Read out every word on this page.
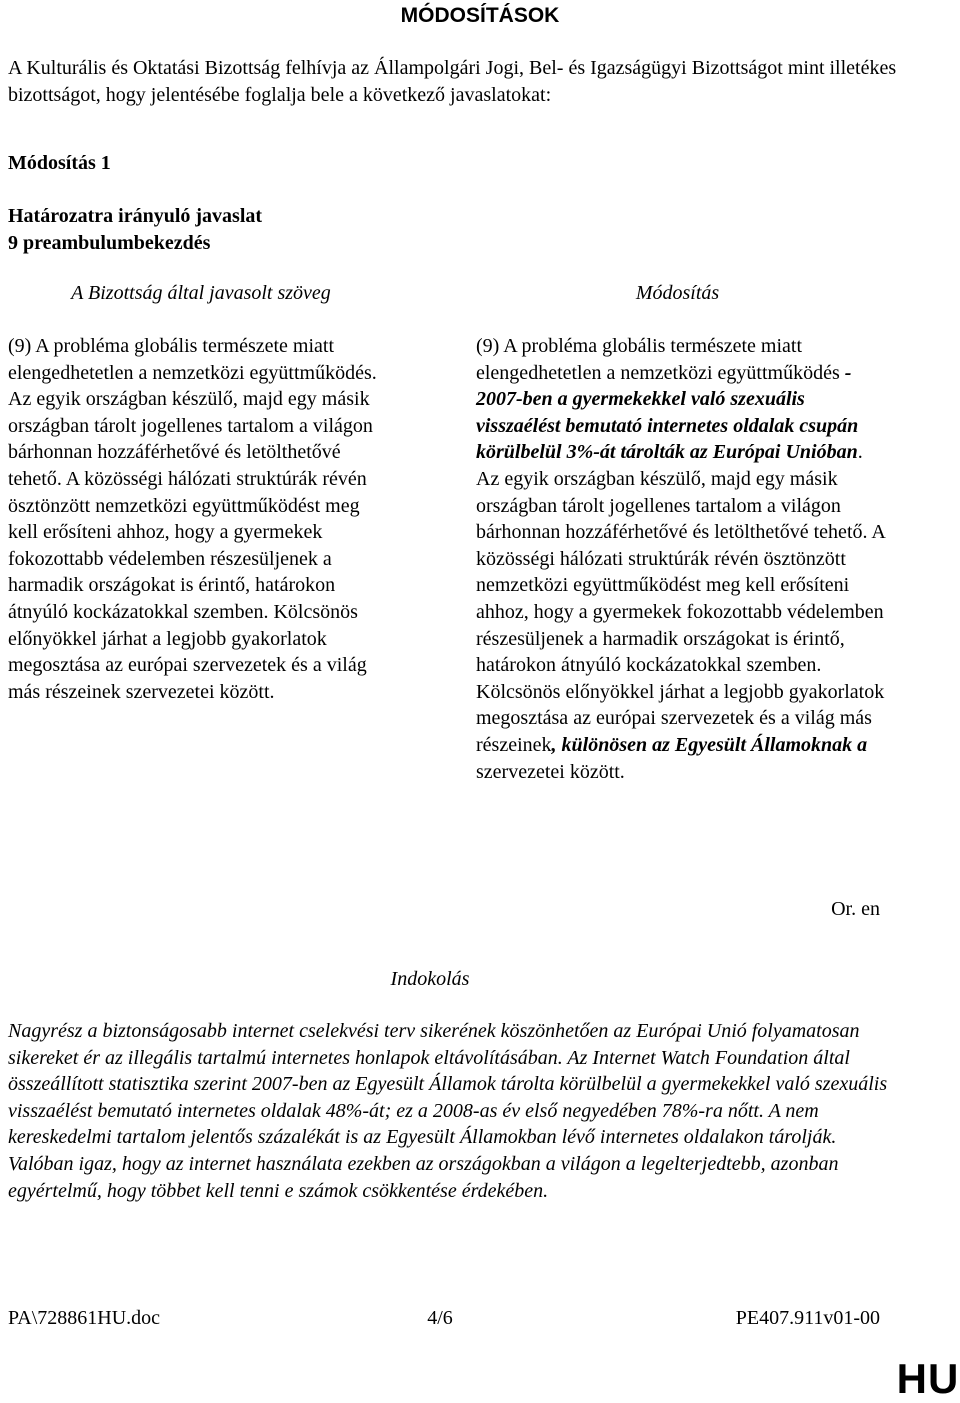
MÓDOSÍTÁSOK
A Kulturális és Oktatási Bizottság felhívja az Állampolgári Jogi, Bel- és Igazságügyi Bizottságot mint illetékes bizottságot, hogy jelentésébe foglalja bele a következő javaslatokat:
Módosítás 1
Határozatra irányuló javaslat
9 preambulumbekezdés
A Bizottság által javasolt szöveg	Módosítás
(9) A probléma globális természete miatt elengedhetetlen a nemzetközi együttműködés. Az egyik országban készülő, majd egy másik országban tárolt jogellenes tartalom a világon bárhonnan hozzáférhetővé és letölthetővé tehető. A közösségi hálózati struktúrák révén ösztönzött nemzetközi együttműködést meg kell erősíteni ahhoz, hogy a gyermekek fokozottabb védelemben részesüljenek a harmadik országokat is érintő, határokon átnyúló kockázatokkal szemben. Kölcsönös előnyökkel járhat a legjobb gyakorlatok megosztása az európai szervezetek és a világ más részeinek szervezetei között.
(9) A probléma globális természete miatt elengedhetetlen a nemzetközi együttműködés - 2007-ben a gyermekekkel való szexuális visszaélést bemutató internetes oldalak csupán körülbelül 3%-át tárolták az Európai Unióban. Az egyik országban készülő, majd egy másik országban tárolt jogellenes tartalom a világon bárhonnan hozzáférhetővé és letölthetővé tehető. A közösségi hálózati struktúrák révén ösztönzött nemzetközi együttműködést meg kell erősíteni ahhoz, hogy a gyermekek fokozottabb védelemben részesüljenek a harmadik országokat is érintő, határokon átnyúló kockázatokkal szemben. Kölcsönös előnyökkel járhat a legjobb gyakorlatok megosztása az európai szervezetek és a világ más részeinek, különösen az Egyesült Államoknak a szervezetei között.
Or. en
Indokolás
Nagyrész a biztonságosabb internet cselekvési terv sikerének köszönhetően az Európai Unió folyamatosan sikereket ér az illegális tartalmú internetes honlapok eltávolításában. Az Internet Watch Foundation által összeállított statisztika szerint 2007-ben az Egyesült Államok tárolta körülbelül a gyermekekkel való szexuális visszaélést bemutató internetes oldalak 48%-át; ez a 2008-as év első negyedében 78%-ra nőtt. A nem kereskedelmi tartalom jelentős százalékát is az Egyesült Államokban lévő internetes oldalakon tárolják. Valóban igaz, hogy az internet használata ezekben az országokban a világon a legelterjedtebb, azonban egyértelmű, hogy többet kell tenni e számok csökkentése érdekében.
PA\728861HU.doc	4/6	PE407.911v01-00
HU
